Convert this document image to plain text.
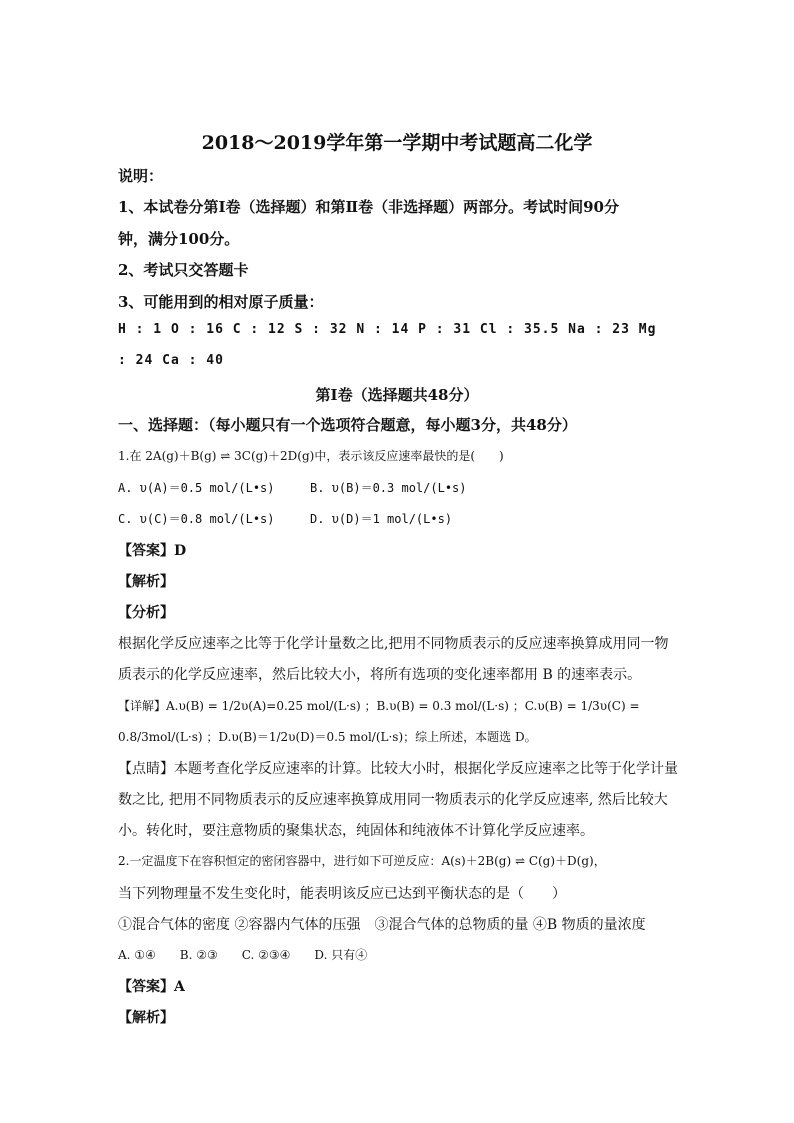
2018～2019学年第一学期中考试题高二化学
说明：
1、本试卷分第Ⅰ卷（选择题）和第Ⅱ卷（非选择题）两部分。考试时间90分
钟，满分100分。
2、考试只交答题卡
3、可能用到的相对原子质量：
H : 1 O : 16 C : 12 S : 32 N : 14 P : 31 Cl : 35.5 Na : 23 Mg
: 24 Ca : 40
第Ⅰ卷（选择题共48分）
一、选择题：（每小题只有一个选项符合题意，每小题3分，共48分）
1.在 2A(g)＋B(g) ⇌ 3C(g)＋2D(g)中，表示该反应速率最快的是(　　)
A. υ(A)＝0.5 mol/(L•s)	B. υ(B)＝0.3 mol/(L•s)
C. υ(C)＝0.8 mol/(L•s)	D. υ(D)＝1 mol/(L•s)
【答案】D
【解析】
【分析】
根据化学反应速率之比等于化学计量数之比,把用不同物质表示的反应速率换算成用同一物
质表示的化学反应速率，然后比较大小，将所有选项的变化速率都用 B 的速率表示。
【详解】A.υ(B) = 1/2υ(A)=0.25 mol/(L·s) ；B.υ(B) = 0.3 mol/(L·s) ；C.υ(B) = 1/3υ(C) =
0.8/3mol/(L·s) ；D.υ(B)＝1/2υ(D)＝0.5 mol/(L·s)；综上所述，本题选 D。
【点睛】本题考查化学反应速率的计算。比较大小时，根据化学反应速率之比等于化学计量
数之比, 把用不同物质表示的反应速率换算成用同一物质表示的化学反应速率, 然后比较大
小。转化时，要注意物质的聚集状态，纯固体和纯液体不计算化学反应速率。
2.一定温度下在容积恒定的密闭容器中，进行如下可逆反应：A(s)＋2B(g) ⇌ C(g)＋D(g)，
当下列物理量不发生变化时，能表明该反应已达到平衡状态的是（　　）
①混合气体的密度 ②容器内气体的压强　③混合气体的总物质的量 ④B 物质的量浓度
A. ①④　　B. ②③　　C. ②③④　　D. 只有④
【答案】A
【解析】
